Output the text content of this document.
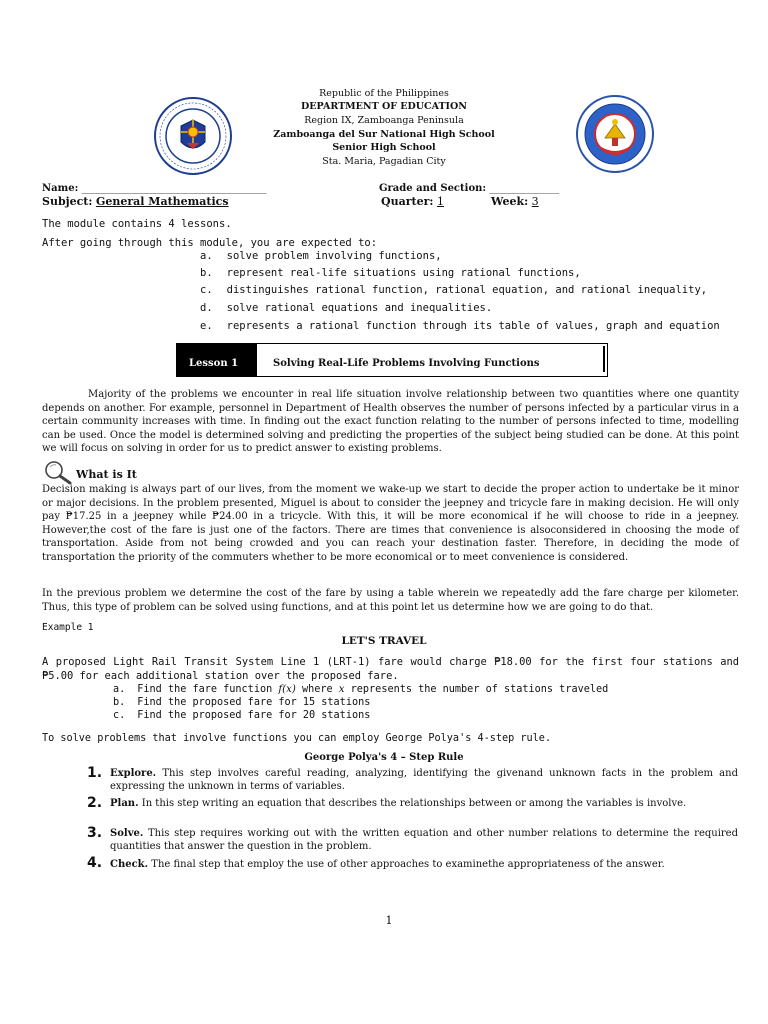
Republic of the Philippines
DEPARTMENT OF EDUCATION
Region IX, Zamboanga Peninsula
Zamboanga del Sur National High School
Senior High School
Sta. Maria, Pagadian City
Name: _____________________________________	Grade and Section: ______________
Subject: General Mathematics	Quarter: 1	Week: 3
The module contains 4 lessons.
After going through this module, you are expected to:
a. solve problem involving functions,
b. represent real-life situations using rational functions,
c. distinguishes rational function, rational equation, and rational inequality,
d. solve rational equations and inequalities.
e. represents a rational function through its table of values, graph and equation
Lesson 1	Solving Real-Life Problems Involving Functions
Majority of the problems we encounter in real life situation involve relationship between two quantities where one quantity depends on another. For example, personnel in Department of Health observes the number of persons infected by a particular virus in a certain community increases with time. In finding out the exact function relating to the number of persons infected to time, modelling can be used. Once the model is determined solving and predicting the properties of the subject being studied can be done. At this point we will focus on solving in order for us to predict answer to existing problems.
What is It
Decision making is always part of our lives, from the moment we wake-up we start to decide the proper action to undertake be it minor or major decisions. In the problem presented, Miguel is about to consider the jeepney and tricycle fare in making decision. He will only pay ₱17.25 in a jeepney while ₱24.00 in a tricycle. With this, it will be more economical if he will choose to ride in a jeepney. However,the cost of the fare is just one of the factors. There are times that convenience is alsoconsidered in choosing the mode of transportation. Aside from not being crowded and you can reach your destination faster. Therefore, in deciding the mode of transportation the priority of the commuters whether to be more economical or to meet convenience is considered.
In the previous problem we determine the cost of the fare by using a table wherein we repeatedly add the fare charge per kilometer. Thus, this type of problem can be solved using functions, and at this point let us determine how we are going to do that.
Example 1
LET'S TRAVEL
A proposed Light Rail Transit System Line 1 (LRT-1) fare would charge ₱18.00 for the first four stations and ₱5.00 for each additional station over the proposed fare.
a. Find the fare function f(x) where x represents the number of stations traveled
b. Find the proposed fare for 15 stations
c. Find the proposed fare for 20 stations
To solve problems that involve functions you can employ George Polya's 4-step rule.
George Polya's 4 – Step Rule
1. Explore. This step involves careful reading, analyzing, identifying the givenand unknown facts in the problem and expressing the unknown in terms of variables.
2. Plan. In this step writing an equation that describes the relationships between or among the variables is involve.
3. Solve. This step requires working out with the written equation and other number relations to determine the required quantities that answer the question in the problem.
4. Check. The final step that employ the use of other approaches to examinethe appropriateness of the answer.
1
